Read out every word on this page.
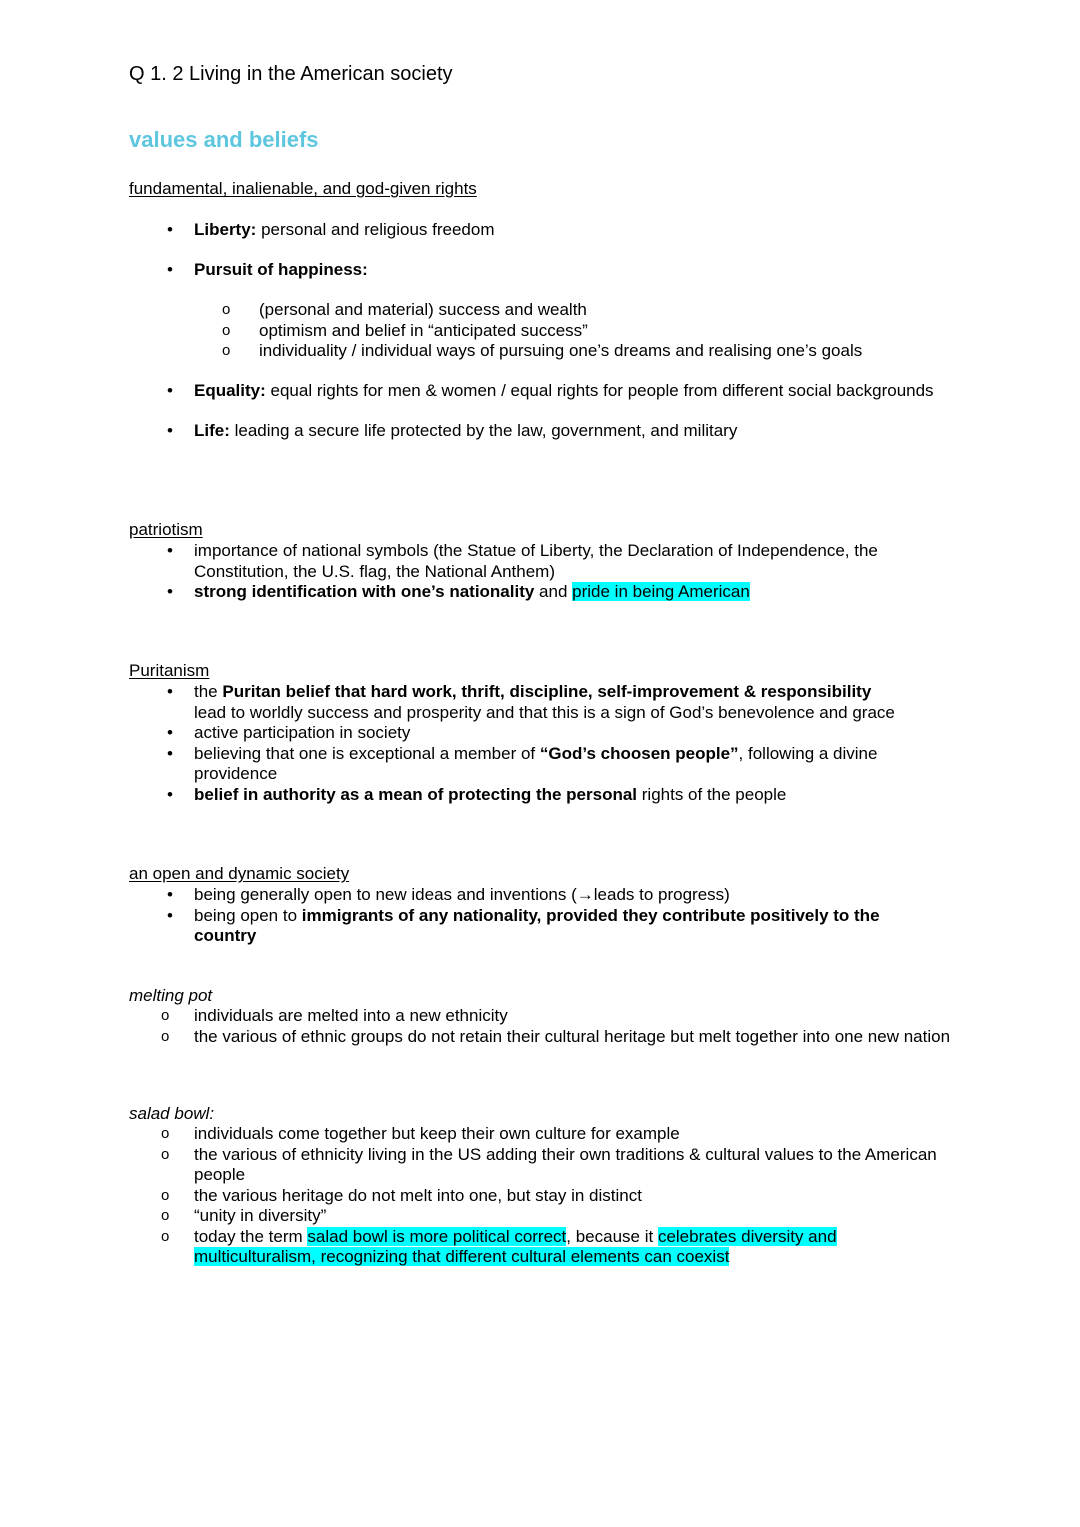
Q 1. 2 Living in the American society
values and beliefs

fundamental, inalienable, and god-given rights

•	Liberty: personal and religious freedom
•	Pursuit of happiness:
o (personal and material) success and wealth
o optimism and belief in “anticipated success”
o individuality / individual ways of pursuing one’s dreams and realising one’s goals
•	Equality: equal rights for men & women / equal rights for people from different social backgrounds
•	Life: leading a secure life protected by the law, government, and military

patriotism

•	importance of national symbols (the Statue of Liberty, the Declaration of Independence, the Constitution, the U.S. flag, the National Anthem)
•	strong identification with one’s nationality and pride in being American

Puritanism

•	the Puritan belief that hard work, thrift, discipline, self-improvement & responsibility lead to worldly success and prosperity and that this is a sign of God’s benevolence and grace
•	active participation in society
•	believing that one is exceptional a member of “God’s choosen people”, following a divine providence
•	belief in authority as a mean of protecting the personal rights of the people

an open and dynamic society

•	being generally open to new ideas and inventions (→leads to progress)
•	being open to immigrants of any nationality, provided they contribute positively to the country

melting pot

o individuals are melted into a new ethnicity
o the various of ethnic groups do not retain their cultural heritage but melt together into one new nation

salad bowl:

o individuals come together but keep their own culture for example
o the various of ethnicity living in the US adding their own traditions & cultural values to the American people
o the various heritage do not melt into one, but stay in distinct
o “unity in diversity”
o today the term salad bowl is more political correct, because it celebrates diversity and multiculturalism, recognizing that different cultural elements can coexist
